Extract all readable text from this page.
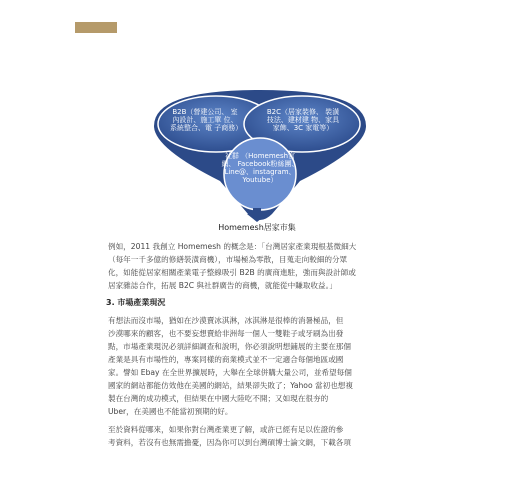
B2B（營建公司、 室內設計、施工單 位、系統整合、電 子商務）
B2C（居家裝修、 裝潢技法、建材建 物、家具家飾、3C 家電等）
社群 （Homemesh官網、 Facebook粉絲團、 Line@、instagram、 Youtube）
Homemesh居家市集
例如，2011 我創立 Homemesh 的概念是：「台灣居家產業現根基微細大
（每年一千多億的修繕裝潢商機），市場極為零散，目蒐走向較細的分眾
化，如能從居家相關產業電子整線吸引 B2B 的廣商進駐，強而與設計師或
居家雜誌合作，拓展 B2C 與社群廣告的商機，就能從中賺取收益。」
3. 市場產業現況
有想法而沒市場，猶如在沙漠賣冰淇淋，冰淇淋是很棒的消暑極品，但
沙漠哪來的顧客，也不要妄想賣給非洲每一個人一雙鞋子或牙刷為出發
點，市場產業現況必須詳細調查和說明，你必須說明想鋪展的主要在那個
產業是具有市場性的，專案同樣的商業模式並不一定適合每個地區或國
家。譬如 Ebay 在全世界擴展時，大舉在全球併購大量公司，並希望每個
國家的網站都能仿效他在美國的網站，結果卻失敗了；Yahoo 當初也想複
製在台灣的成功模式，但結果在中國大陸吃不開；又如現在很夯的
Uber，在美國也不能當初預期的好。
至於資料從哪來，如果你對台灣產業更了解，或許已經有足以佐證的參
考資料，若沒有也無需擔憂，因為你可以到台灣碩博士論文網，下載各項
